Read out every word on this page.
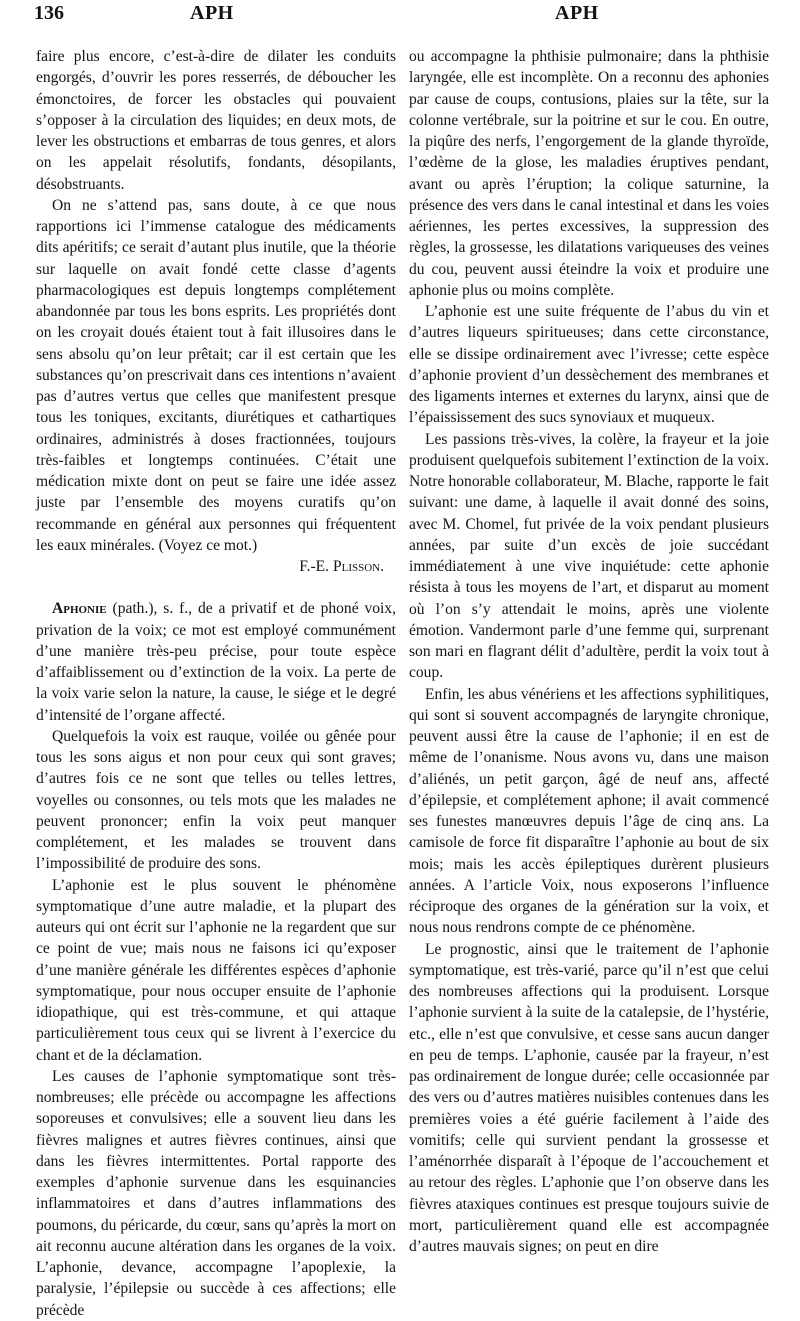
136	APH	APH

faire plus encore, c’est-à-dire de dilater les conduits engorgés, d’ouvrir les pores resserrés, de déboucher les émonctoires, de forcer les obstacles qui pouvaient s’opposer à la circulation des liquides; en deux mots, de lever les obstructions et embarras de tous genres, et alors on les appelait résolutifs, fondants, désopilants, désobstruants.

On ne s’attend pas, sans doute, à ce que nous rapportions ici l’immense catalogue des médicaments dits apéritifs; ce serait d’autant plus inutile, que la théorie sur laquelle on avait fondé cette classe d’agents pharmacologiques est depuis longtemps complétement abandonnée par tous les bons esprits. Les propriétés dont on les croyait doués étaient tout à fait illusoires dans le sens absolu qu’on leur prêtait; car il est certain que les substances qu’on prescrivait dans ces intentions n’avaient pas d’autres vertus que celles que manifestent presque tous les toniques, excitants, diurétiques et cathartiques ordinaires, administrés à doses fractionnées, toujours très-faibles et longtemps continuées. C’était une médication mixte dont on peut se faire une idée assez juste par l’ensemble des moyens curatifs qu’on recommande en général aux personnes qui fréquentent les eaux minérales. (Voyez ce mot.)

F.-E. Plisson.

Aphonie (path.), s. f., de a privatif et de phoné voix, privation de la voix; ce mot est employé communément d’une manière très-peu précise, pour toute espèce d’affaiblissement ou d’extinction de la voix. La perte de la voix varie selon la nature, la cause, le siége et le degré d’intensité de l’organe affecté.

Quelquefois la voix est rauque, voilée ou gênée pour tous les sons aigus et non pour ceux qui sont graves; d’autres fois ce ne sont que telles ou telles lettres, voyelles ou consonnes, ou tels mots que les malades ne peuvent prononcer; enfin la voix peut manquer complétement, et les malades se trouvent dans l’impossibilité de produire des sons.

L’aphonie est le plus souvent le phénomène symptomatique d’une autre maladie, et la plupart des auteurs qui ont écrit sur l’aphonie ne la regardent que sur ce point de vue; mais nous ne faisons ici qu’exposer d’une manière générale les différentes espèces d’aphonie symptomatique, pour nous occuper ensuite de l’aphonie idiopathique, qui est très-commune, et qui attaque particulièrement tous ceux qui se livrent à l’exercice du chant et de la déclamation.

Les causes de l’aphonie symptomatique sont très-nombreuses; elle précède ou accompagne les affections soporeuses et convulsives; elle a souvent lieu dans les fièvres malignes et autres fièvres continues, ainsi que dans les fièvres intermittentes. Portal rapporte des exemples d’aphonie survenue dans les esquinancies inflammatoires et dans d’autres inflammations des poumons, du péricarde, du cœur, sans qu’après la mort on ait reconnu aucune altération dans les organes de la voix. L’aphonie, devance, accompagne l’apoplexie, la paralysie, l’épilepsie ou succède à ces affections; elle précède

ou accompagne la phthisie pulmonaire; dans la phthisie laryngée, elle est incomplète. On a reconnu des aphonies par cause de coups, contusions, plaies sur la tête, sur la colonne vertébrale, sur la poitrine et sur le cou. En outre, la piqûre des nerfs, l’engorgement de la glande thyroïde, l’œdème de la glose, les maladies éruptives pendant, avant ou après l’éruption; la colique saturnine, la présence des vers dans le canal intestinal et dans les voies aériennes, les pertes excessives, la suppression des règles, la grossesse, les dilatations variqueuses des veines du cou, peuvent aussi éteindre la voix et produire une aphonie plus ou moins complète.

L’aphonie est une suite fréquente de l’abus du vin et d’autres liqueurs spiritueuses; dans cette circonstance, elle se dissipe ordinairement avec l’ivresse; cette espèce d’aphonie provient d’un dessèchement des membranes et des ligaments internes et externes du larynx, ainsi que de l’épaississement des sucs synoviaux et muqueux.

Les passions très-vives, la colère, la frayeur et la joie produisent quelquefois subitement l’extinction de la voix. Notre honorable collaborateur, M. Blache, rapporte le fait suivant: une dame, à laquelle il avait donné des soins, avec M. Chomel, fut privée de la voix pendant plusieurs années, par suite d’un excès de joie succédant immédiatement à une vive inquiétude: cette aphonie résista à tous les moyens de l’art, et disparut au moment où l’on s’y attendait le moins, après une violente émotion. Vandermont parle d’une femme qui, surprenant son mari en flagrant délit d’adultère, perdit la voix tout à coup.

Enfin, les abus vénériens et les affections syphilitiques, qui sont si souvent accompagnés de laryngite chronique, peuvent aussi être la cause de l’aphonie; il en est de même de l’onanisme. Nous avons vu, dans une maison d’aliénés, un petit garçon, âgé de neuf ans, affecté d’épilepsie, et complétement aphone; il avait commencé ses funestes manœuvres depuis l’âge de cinq ans. La camisole de force fit disparaître l’aphonie au bout de six mois; mais les accès épileptiques durèrent plusieurs années. A l’article Voix, nous exposerons l’influence réciproque des organes de la génération sur la voix, et nous nous rendrons compte de ce phénomène.

Le prognostic, ainsi que le traitement de l’aphonie symptomatique, est très-varié, parce qu’il n’est que celui des nombreuses affections qui la produisent. Lorsque l’aphonie survient à la suite de la catalepsie, de l’hystérie, etc., elle n’est que convulsive, et cesse sans aucun danger en peu de temps. L’aphonie, causée par la frayeur, n’est pas ordinairement de longue durée; celle occasionnée par des vers ou d’autres matières nuisibles contenues dans les premières voies a été guérie facilement à l’aide des vomitifs; celle qui survient pendant la grossesse et l’aménorrhée disparaît à l’époque de l’accouchement et au retour des règles. L’aphonie que l’on observe dans les fièvres ataxiques continues est presque toujours suivie de mort, particulièrement quand elle est accompagnée d’autres mauvais signes; on peut en dire
